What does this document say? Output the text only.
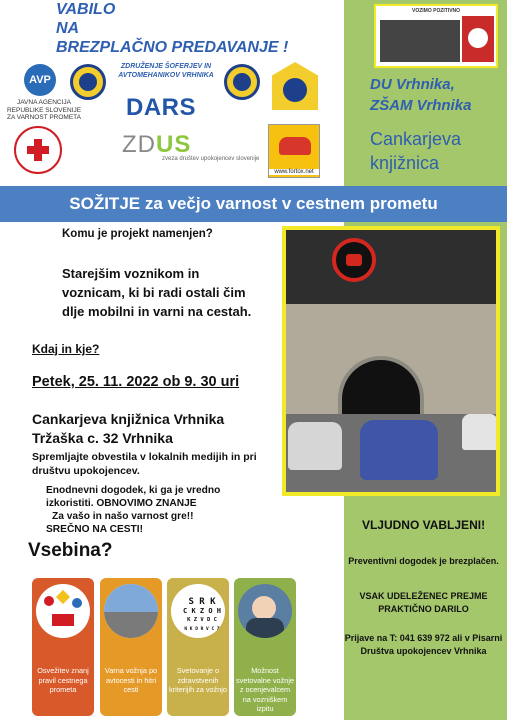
VABILO
NA
BREZPLAČNO PREDAVANJE !
AVP
JAVNA AGENCIJA REPUBLIKE SLOVENIJE ZA VARNOST PROMETA
ZDRUŽENJE ŠOFERJEV IN AVTOMEHANIKOV VRHNIKA
DARS
ZDUS
zveza društev upokojencev slovenije
www.fortox.net
VOZIMO POZITIVNO
DU Vrhnika,
ZŠAM Vrhnika
Cankarjeva
knjižnica
SOŽITJE za večjo varnost v cestnem prometu
Komu je projekt namenjen?
Starejšim voznikom in voznicam, ki bi radi ostali čim dlje mobilni in varni na cestah.
Kdaj in kje?
Petek, 25. 11. 2022 ob 9. 30 uri
Cankarjeva knjižnica Vrhnika
Tržaška c. 32 Vrhnika
Spremljajte obvestila v lokalnih medijih in pri društvu upokojencev.
Enodnevni dogodek, ki ga je vredno izkoristiti. OBNOVIMO ZNANJE
Za vašo in našo varnost gre!!
SREČNO NA CESTI!
Vsebina?
VLJUDNO VABLJENI!
Preventivni dogodek je brezplačen.
VSAK UDELEŽENEC PREJME PRAKTIČNO DARILO
Prijave na T: 041 639 972 ali v Pisarni Društva upokojencev Vrhnika
Osvežitev znanj pravil cestnega prometa
Varna vožnja po avtocesti in hitri cesti
S R K
C K Z O H
K Z V D C
N K D R V C Z
Svetovanje o zdravstvenih kriterijih za vožnjo
Možnost svetovalne vožnje z ocenjevalcem na vozniškem izpitu
